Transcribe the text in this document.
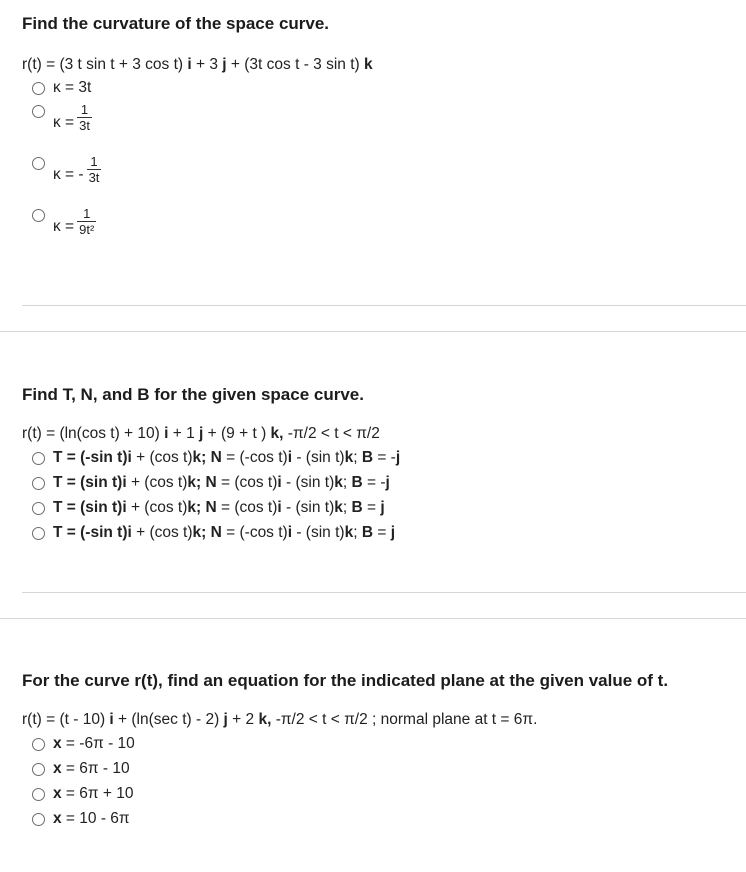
Find the curvature of the space curve.
r(t) = (3 t sin t + 3 cos t) i + 3 j + (3t cos t - 3 sin t) k
κ = 3t
$\kappa = \frac{1}{3t}$
κ = - $\frac{1}{3t}$
$\kappa = \frac{1}{\text{9t²}}$
Find T, N, and B for the given space curve.
r(t) = (ln(cos t) + 10) i + 1 j + (9 + t ) k, -π/2 < t < π/2
T = (-sin t)i + (cos t)k; N = (-cos t)i - (sin t)k; B = -j
T = (sin t)i + (cos t)k; N = (cos t)i - (sin t)k; B = -j
T = (sin t)i + (cos t)k; N = (cos t)i - (sin t)k; B = j
T = (-sin t)i + (cos t)k; N = (-cos t)i - (sin t)k; B = j
For the curve r(t), find an equation for the indicated plane at the given value of t.
r(t) = (t - 10) i + (ln(sec t) - 2) j + 2 k, -π/2 < t < π/2 ; normal plane at t = 6π.
x = -6π - 10
x = 6π - 10
x = 6π + 10
x = 10 - 6π
